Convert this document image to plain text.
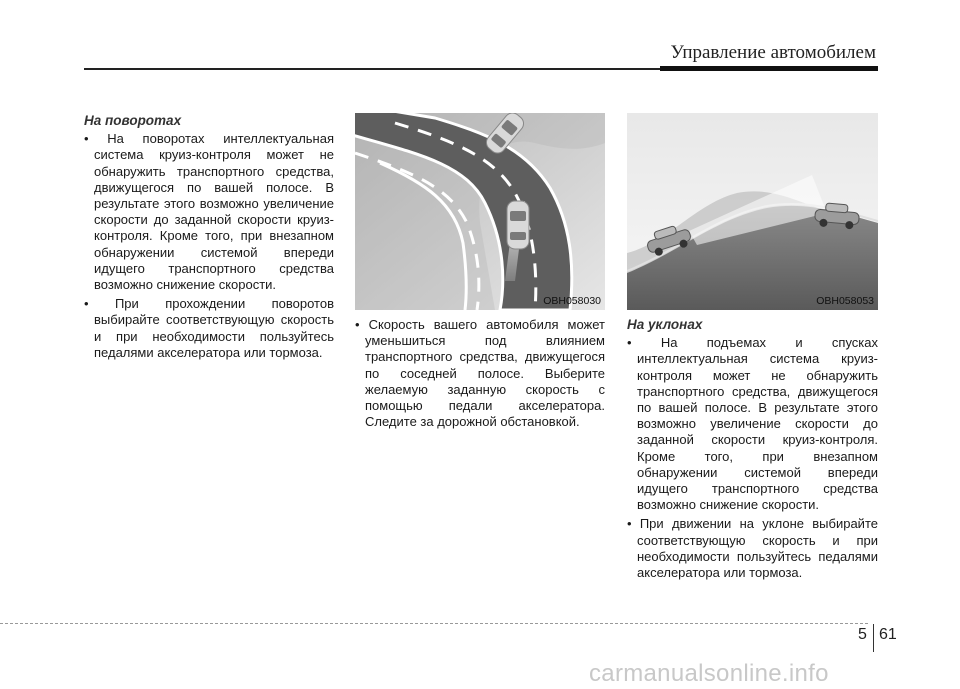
Управление автомобилем
На поворотах

• На поворотах интеллектуальная система круиз-контроля может не обнаружить транспортного средства, движущегося по вашей полосе. В результате этого возможно увеличение скорости до заданной скорости круиз-контроля. Кроме того, при внезапном обнаружении системой впереди идущего транспортного средства возможно снижение скорости.

• При прохождении поворотов выбирайте соответствующую скорость и при необходимости пользуйтесь педалями акселератора или тормоза.

OBH058030	OBH058053

• Скорость вашего автомобиля может уменьшиться под влиянием транспортного средства, движущегося по соседней полосе. Выберите желаемую заданную скорость с помощью педали акселератора. Следите за дорожной обстановкой.

На уклонах

• На подъемах и спусках интеллектуальная система круиз-контроля может не обнаружить транспортного средства, движущегося по вашей полосе. В результате этого возможно увеличение скорости до заданной скорости круиз-контроля. Кроме того, при внезапном обнаружении системой впереди идущего транспортного средства возможно снижение скорости.

• При движении на уклоне выбирайте соответствующую скорость и при необходимости пользуйтесь педалями акселератора или тормоза.

5 61
carmanualsonline.info
